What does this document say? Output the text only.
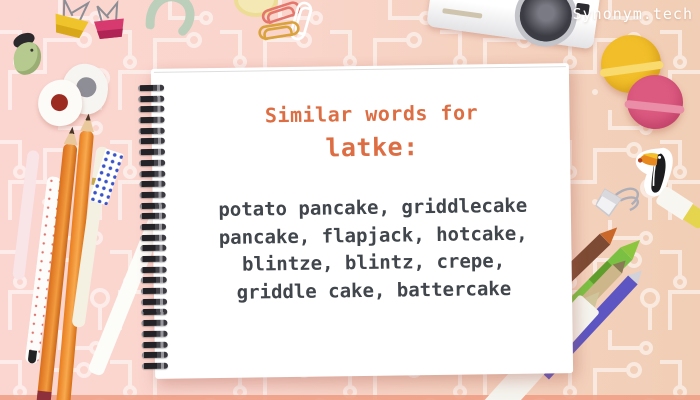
Similar words for
latke:
potato pancake, griddlecake
pancake, flapjack, hotcake,
blintze, blintz, crepe,
griddle cake, battercake
Synonym.tech
